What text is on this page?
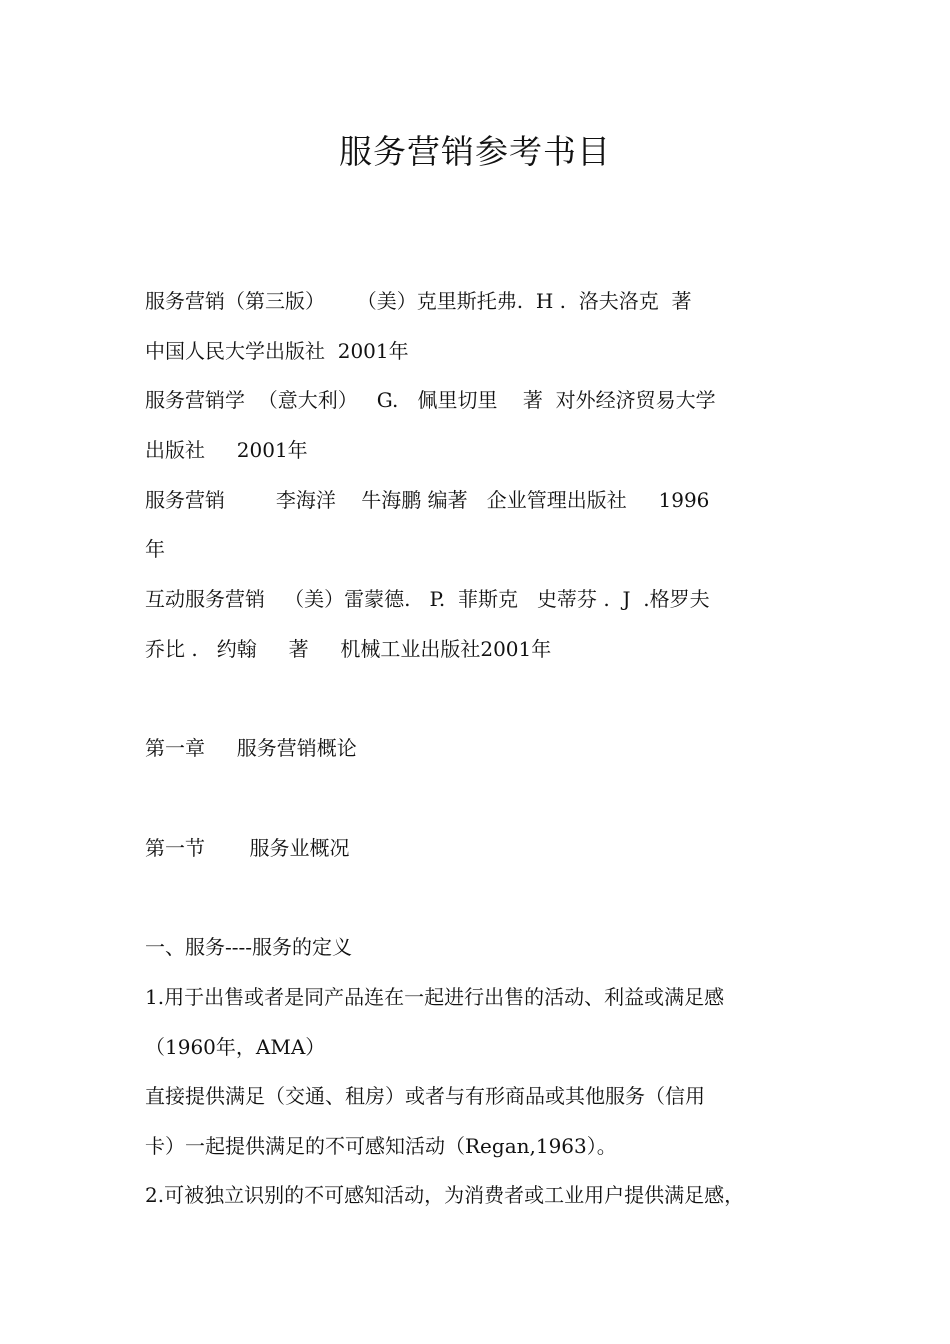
服务营销参考书目
服务营销（第三版）     （美）克里斯托弗.  H .  洛夫洛克  著
中国人民大学出版社  2001年
服务营销学  （意大利）   G.   佩里切里    著  对外经济贸易大学
出版社     2001年
服务营销        李海洋    牛海鹏 编著   企业管理出版社     1996
年
互动服务营销   （美）雷蒙德.   P.  菲斯克   史蒂芬 .  J  .格罗夫
乔比 .   约翰     著     机械工业出版社2001年
第一章     服务营销概论
第一节       服务业概况
一、服务----服务的定义
1.用于出售或者是同产品连在一起进行出售的活动、利益或满足感
（1960年，AMA）
直接提供满足（交通、租房）或者与有形商品或其他服务（信用
卡）一起提供满足的不可感知活动（Regan,1963）。
2.可被独立识别的不可感知活动，为消费者或工业用户提供满足感，
